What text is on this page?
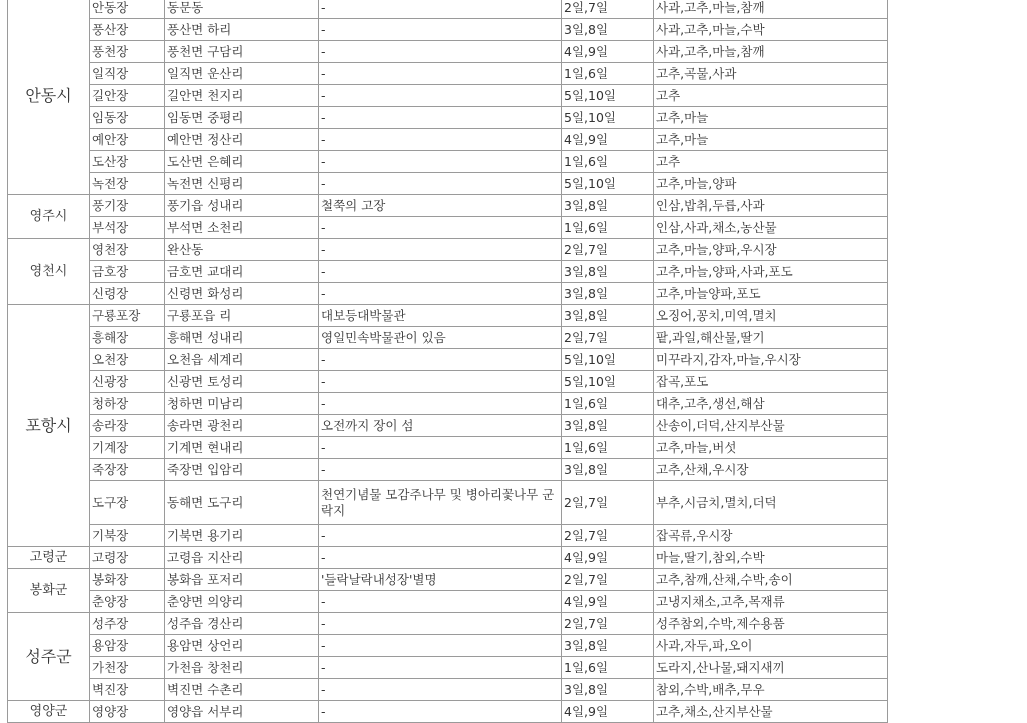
안동시	안동장	동문동	-	2일,7일	사과,고추,마늘,참깨
	풍산장	풍산면 하리	-	3일,8일	사과,고추,마늘,수박
	풍천장	풍천면 구담리	-	4일,9일	사과,고추,마늘,참깨
	일직장	일직면 운산리	-	1일,6일	고추,곡물,사과
	길안장	길안면 천지리	-	5일,10일	고추
	임동장	임동면 중평리	-	5일,10일	고추,마늘
	예안장	예안면 정산리	-	4일,9일	고추,마늘
	도산장	도산면 은혜리	-	1일,6일	고추
	녹전장	녹전면 신평리	-	5일,10일	고추,마늘,양파
영주시	풍기장	풍기읍 성내리	철쭉의 고장	3일,8일	인삼,밥취,두릅,사과
	부석장	부석면 소천리	-	1일,6일	인삼,사과,채소,농산물
영천시	영천장	완산동	-	2일,7일	고추,마늘,양파,우시장
	금호장	금호면 교대리	-	3일,8일	고추,마늘,양파,사과,포도
	신령장	신령면 화성리	-	3일,8일	고추,마늘양파,포도
포항시	구룡포장	구룡포읍 리	대보등대박물관	3일,8일	오징어,꽁치,미역,멸치
	흥해장	흥해면 성내리	영일민속박물관이 있음	2일,7일	팥,과일,해산물,딸기
	오천장	오천읍 세계리	-	5일,10일	미꾸라지,감자,마늘,우시장
	신광장	신광면 토성리	-	5일,10일	잡곡,포도
	청하장	청하면 미남리	-	1일,6일	대추,고추,생선,해삼
	송라장	송라면 광천리	오전까지 장이 섬	3일,8일	산송이,더덕,산지부산물
	기계장	기계면 현내리	-	1일,6일	고추,마늘,버섯
	죽장장	죽장면 입암리	-	3일,8일	고추,산채,우시장
	도구장	동해면 도구리	천연기념물 모감주나무 및 병아리꽃나무 군락지	2일,7일	부추,시금치,멸치,더덕
	기북장	기북면 용기리	-	2일,7일	잡곡류,우시장
고령군	고령장	고령읍 지산리	-	4일,9일	마늘,딸기,참외,수박
봉화군	봉화장	봉화읍 포저리	'들락날락내성장'별명	2일,7일	고추,참깨,산채,수박,송이
	춘양장	춘양면 의양리	-	4일,9일	고냉지채소,고추,목재류
성주군	성주장	성주읍 경산리	-	2일,7일	성주참외,수박,제수용품
	용암장	용암면 상언리	-	3일,8일	사과,자두,파,오이
	가천장	가천읍 창천리	-	1일,6일	도라지,산나물,돼지새끼
	벽진장	벽진면 수촌리	-	3일,8일	참외,수박,배추,무우
영양군	영양장	영양읍 서부리	-	4일,9일	고추,채소,산지부산물
